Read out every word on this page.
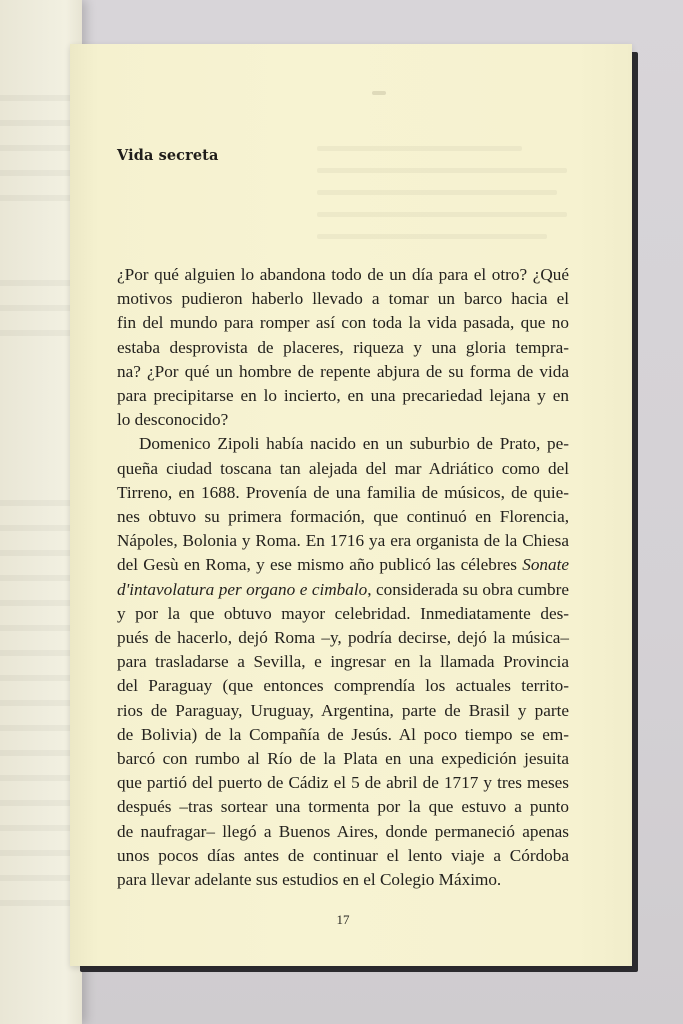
Vida secreta

¿Por qué alguien lo abandona todo de un día para el otro? ¿Qué
motivos pudieron haberlo llevado a tomar un barco hacia el
fin del mundo para romper así con toda la vida pasada, que no
estaba desprovista de placeres, riqueza y una gloria tempra-
na? ¿Por qué un hombre de repente abjura de su forma de vida
para precipitarse en lo incierto, en una precariedad lejana y en
lo desconocido?

Domenico Zipoli había nacido en un suburbio de Prato, pe-
queña ciudad toscana tan alejada del mar Adriático como del
Tirreno, en 1688. Provenía de una familia de músicos, de quie-
nes obtuvo su primera formación, que continuó en Florencia,
Nápoles, Bolonia y Roma. En 1716 ya era organista de la Chiesa
del Gesù en Roma, y ese mismo año publicó las célebres Sonate
d'intavolatura per organo e cimbalo, considerada su obra cumbre
y por la que obtuvo mayor celebridad. Inmediatamente des-
pués de hacerlo, dejó Roma –y, podría decirse, dejó la música–
para trasladarse a Sevilla, e ingresar en la llamada Provincia
del Paraguay (que entonces comprendía los actuales territo-
rios de Paraguay, Uruguay, Argentina, parte de Brasil y parte
de Bolivia) de la Compañía de Jesús. Al poco tiempo se em-
barcó con rumbo al Río de la Plata en una expedición jesuita
que partió del puerto de Cádiz el 5 de abril de 1717 y tres meses
después –tras sortear una tormenta por la que estuvo a punto
de naufragar– llegó a Buenos Aires, donde permaneció apenas
unos pocos días antes de continuar el lento viaje a Córdoba
para llevar adelante sus estudios en el Colegio Máximo.

17
